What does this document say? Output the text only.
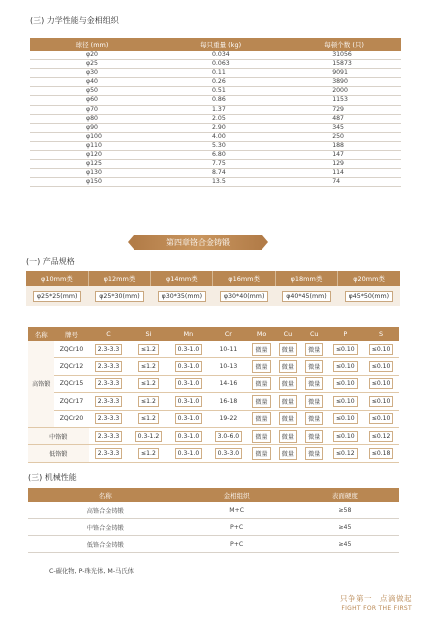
(三) 力学性能与金相组织
球径 (mm)	每只重量 (kg)	每顿个数 (只)
φ20	0.034	31056
φ25	0.063	15873
φ30	0.11	9091
φ40	0.26	3890
φ50	0.51	2000
φ60	0.86	1153
φ70	1.37	729
φ80	2.05	487
φ90	2.90	345
φ100	4.00	250
φ110	5.30	188
φ120	6.80	147
φ125	7.75	129
φ130	8.74	114
φ150	13.5	74
第四章铬合金铸锻
(一) 产品规格
φ10mm类	φ12mm类	φ14mm类	φ16mm类	φ18mm类	φ20mm类
φ25*25(mm)	φ25*30(mm)	φ30*35(mm)	φ30*40(mm)	φ40*45(mm)	φ45*50(mm)
名称	牌号	C	Si	Mn	Cr	Mo	Cu	Cu	P	S
高铬锻	ZQCr10	2.3-3.3	≤1.2	0.3-1.0	10-11	微量	微量	微量	≤0.10	≤0.10
	ZQCr12	2.3-3.3	≤1.2	0.3-1.0	10-13	微量	微量	微量	≤0.10	≤0.10
	ZQCr15	2.3-3.3	≤1.2	0.3-1.0	14-16	微量	微量	微量	≤0.10	≤0.10
	ZQCr17	2.3-3.3	≤1.2	0.3-1.0	16-18	微量	微量	微量	≤0.10	≤0.10
	ZQCr20	2.3-3.3	≤1.2	0.3-1.0	19-22	微量	微量	微量	≤0.10	≤0.10
中铬锻		2.3-3.3	0.3-1.2	0.3-1.0	3.0-6.0	微量	微量	微量	≤0.10	≤0.12
低铬锻		2.3-3.3	≤1.2	0.3-1.0	0.3-3.0	微量	微量	微量	≤0.12	≤0.18
(三) 机械性能
名称	金相组织	表面硬度
高铬合金铸锻	M+C	≥58
中铬合金铸锻	P+C	≥45
低铬合金铸锻	P+C	≥45
C-碳化物, P-珠光体, M-马氏体
只争第一　点滴做起
FIGHT FOR THE FIRST
